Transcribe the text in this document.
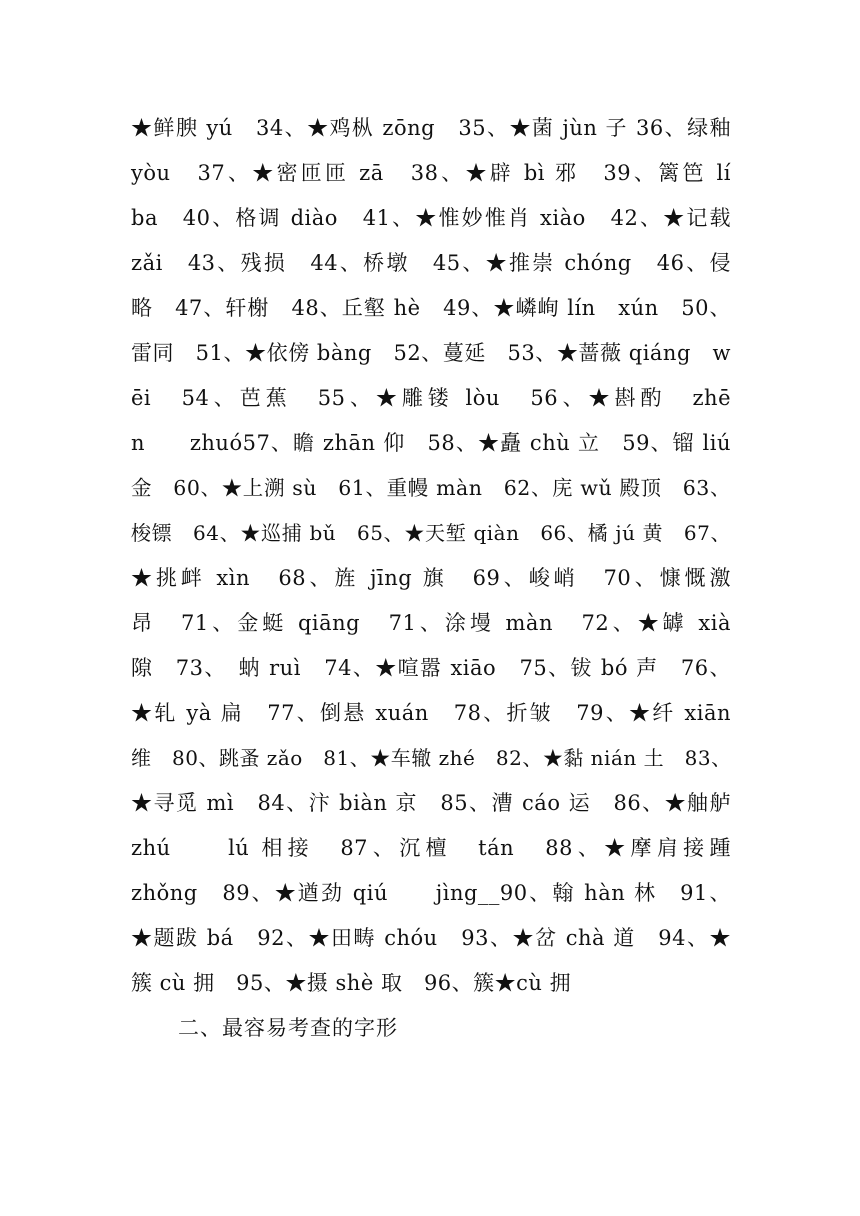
★鲜腴 yú　34、★鸡枞 zōng　35、★菌 jùn 子 36、绿釉
yòu　37、★密匝匝 zā　38、★辟 bì 邪　39、篱笆 lí
ba　40、格调 diào　41、★惟妙惟肖 xiào　42、★记载
zǎi　43、残损　44、桥墩　45、★推崇 chóng　46、侵
略　47、轩榭　48、丘壑 hè　49、★嶙峋 lín　xún　50、
雷同　51、★依傍 bàng　52、蔓延　53、★蔷薇 qiáng　w
ēi　54、芭蕉　55、★雕镂 lòu　56、★斟酌　zhē
n　　zhuó57、瞻 zhān 仰　58、★矗 chù 立　59、镏 liú
金　60、★上溯 sù　61、重幔 màn　62、庑 wǔ 殿顶　63、
梭镖　64、★巡捕 bǔ　65、★天堑 qiàn　66、橘 jú 黄　67、
★挑衅 xìn　68、旌 jīng 旗　69、峻峭　70、慷慨激
昂　71、金蜓 qiāng　71、涂墁 màn　72、★罅 xià
隙　73、　蚋 ruì　74、★喧嚣 xiāo　75、钹 bó 声　76、
★轧 yà 扁　77、倒悬 xuán　78、折皱　79、★纤 xiān
维　80、跳蚤 zǎo　81、★车辙 zhé　82、★黏 nián 土　83、
★寻觅 mì　84、汴 biàn 京　85、漕 cáo 运　86、★舳舻
zhú　　lú 相接　87、沉檀　tán　88、★摩肩接踵
zhǒng　89、★遒劲 qiú　　jìng__90、翰 hàn 林　91、
★题跋 bá　92、★田畴 chóu　93、★岔 chà 道　94、★
簇 cù 拥　95、★摄 shè 取　96、簇★cù 拥
二、最容易考查的字形
